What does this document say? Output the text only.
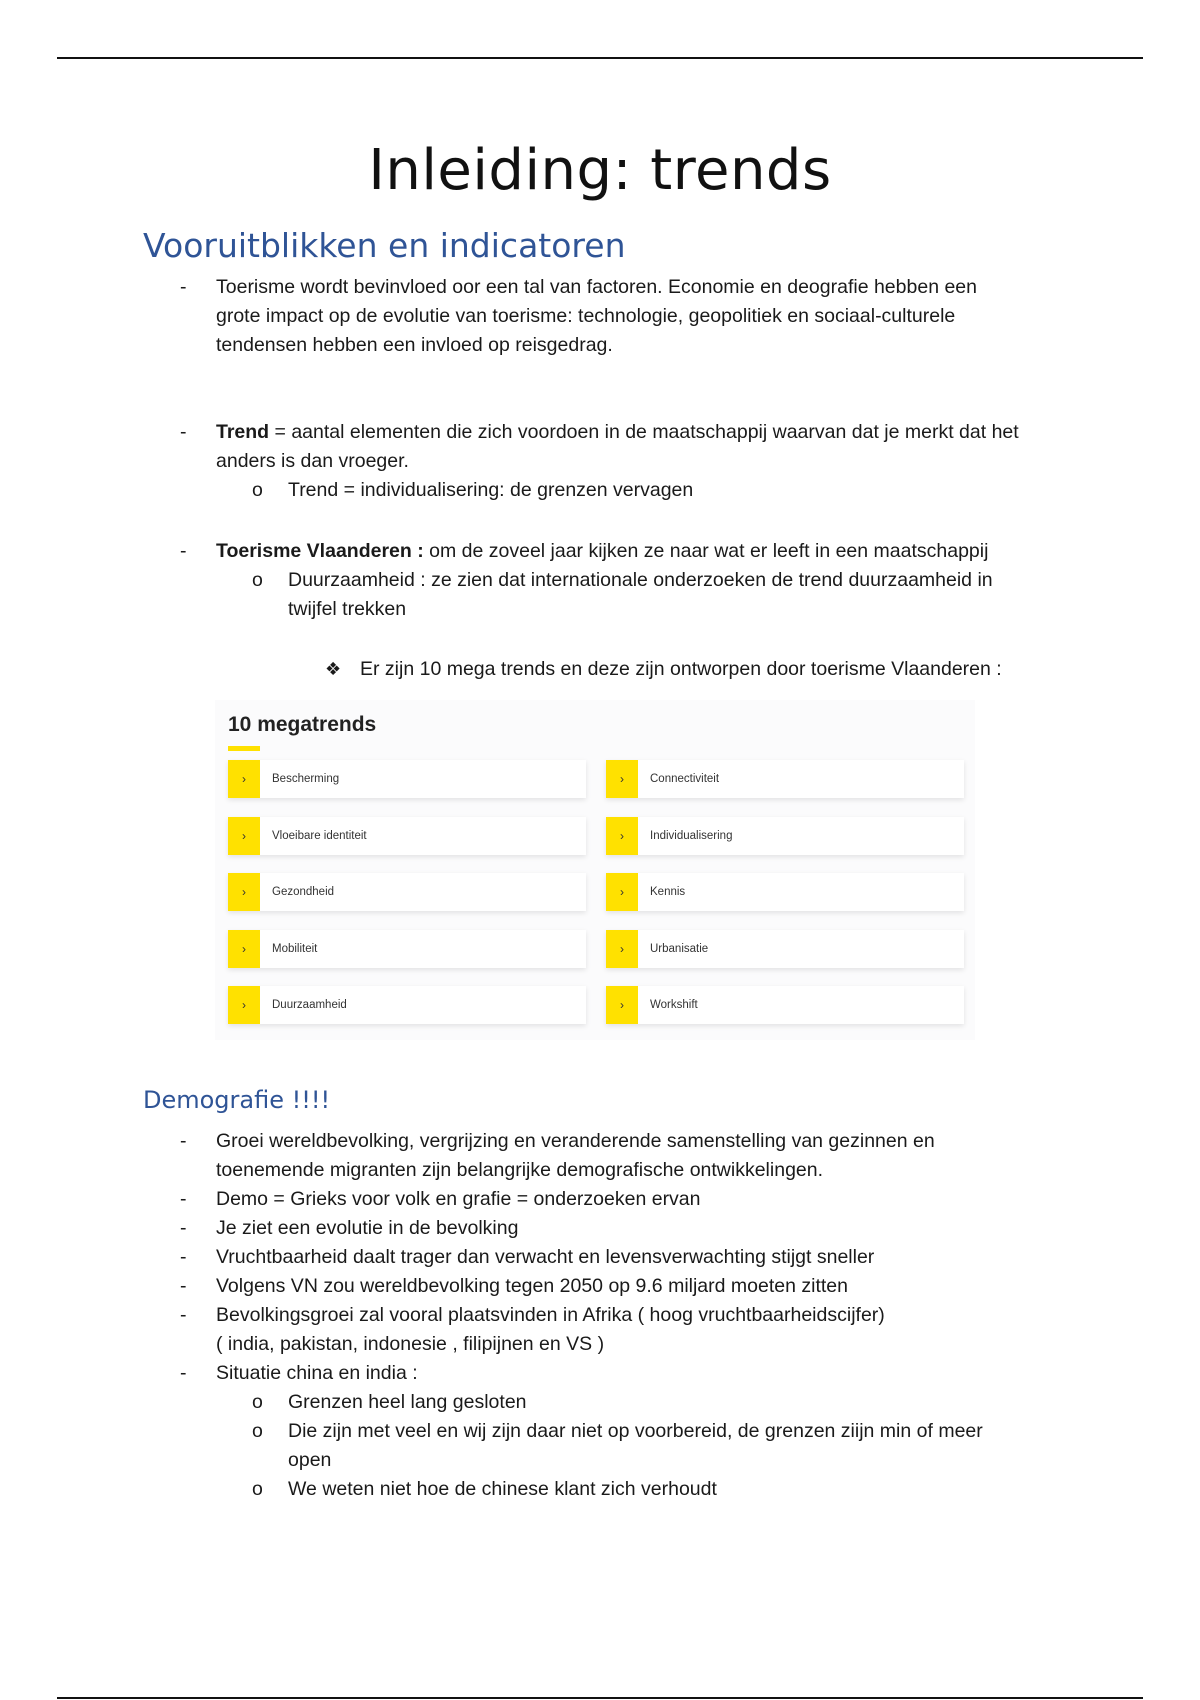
Inleiding: trends
Vooruitblikken en indicatoren
- Toerisme wordt bevinvloed oor een tal van factoren. Economie en deografie hebben een
grote impact op de evolutie van toerisme: technologie, geopolitiek en sociaal-culturele
tendensen hebben een invloed op reisgedrag.
- Trend = aantal elementen die zich voordoen in de maatschappij waarvan dat je merkt dat het
anders is dan vroeger.
o Trend = individualisering: de grenzen vervagen
- Toerisme Vlaanderen : om de zoveel jaar kijken ze naar wat er leeft in een maatschappij
o Duurzaamheid : ze zien dat internationale onderzoeken de trend duurzaamheid in
twijfel trekken
❖ Er zijn 10 mega trends en deze zijn ontworpen door toerisme Vlaanderen :
10 megatrends
›	Bescherming	›	Connectiviteit
›	Vloeibare identiteit	›	Individualisering
›	Gezondheid	›	Kennis
›	Mobiliteit	›	Urbanisatie
›	Duurzaamheid	›	Workshift
Demografie !!!!
- Groei wereldbevolking, vergrijzing en veranderende samenstelling van gezinnen en
toenemende migranten zijn belangrijke demografische ontwikkelingen.
- Demo = Grieks voor volk en grafie = onderzoeken ervan
- Je ziet een evolutie in de bevolking
- Vruchtbaarheid daalt trager dan verwacht en levensverwachting stijgt sneller
- Volgens VN zou wereldbevolking tegen 2050 op 9.6 miljard moeten zitten
- Bevolkingsgroei zal vooral plaatsvinden in Afrika ( hoog vruchtbaarheidscijfer)
( india, pakistan, indonesie , filipijnen en VS )
- Situatie china en india :
o Grenzen heel lang gesloten
o Die zijn met veel en wij zijn daar niet op voorbereid, de grenzen ziijn min of meer
open
o We weten niet hoe de chinese klant zich verhoudt
